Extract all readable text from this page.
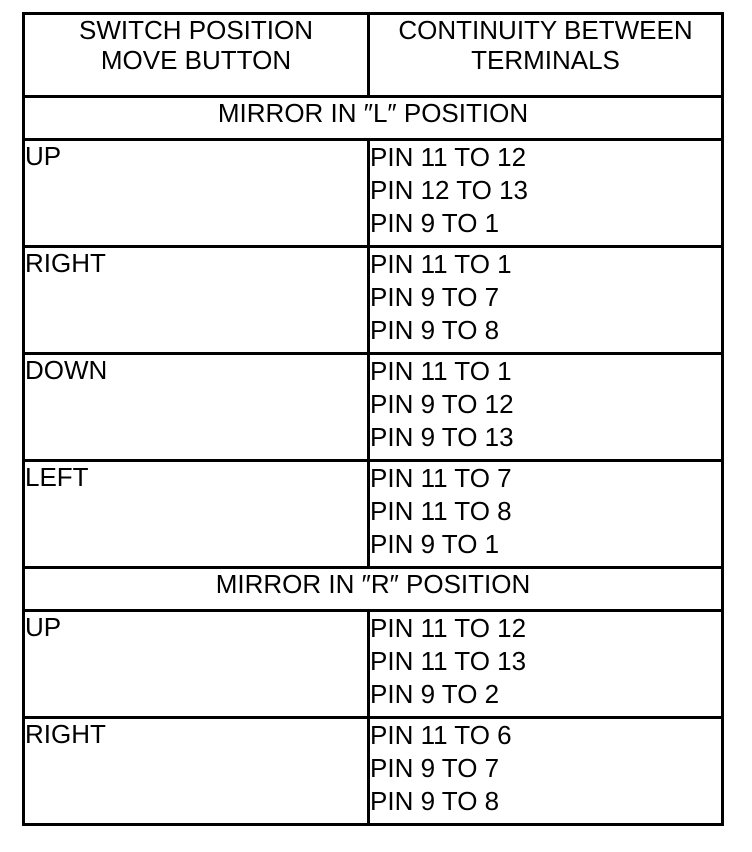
SWITCH POSITION
MOVE BUTTON	CONTINUITY BETWEEN
TERMINALS
MIRROR IN ″L″ POSITION	
UP	PIN 11 TO 12
PIN 12 TO 13
PIN 9 TO 1

RIGHT	PIN 11 TO 1
PIN 9 TO 7
PIN 9 TO 8

DOWN	PIN 11 TO 1
PIN 9 TO 12
PIN 9 TO 13

LEFT	PIN 11 TO 7
PIN 11 TO 8
PIN 9 TO 1

MIRROR IN ″R″ POSITION	
UP	PIN 11 TO 12
PIN 11 TO 13
PIN 9 TO 2

RIGHT	PIN 11 TO 6
PIN 9 TO 7
PIN 9 TO 8
